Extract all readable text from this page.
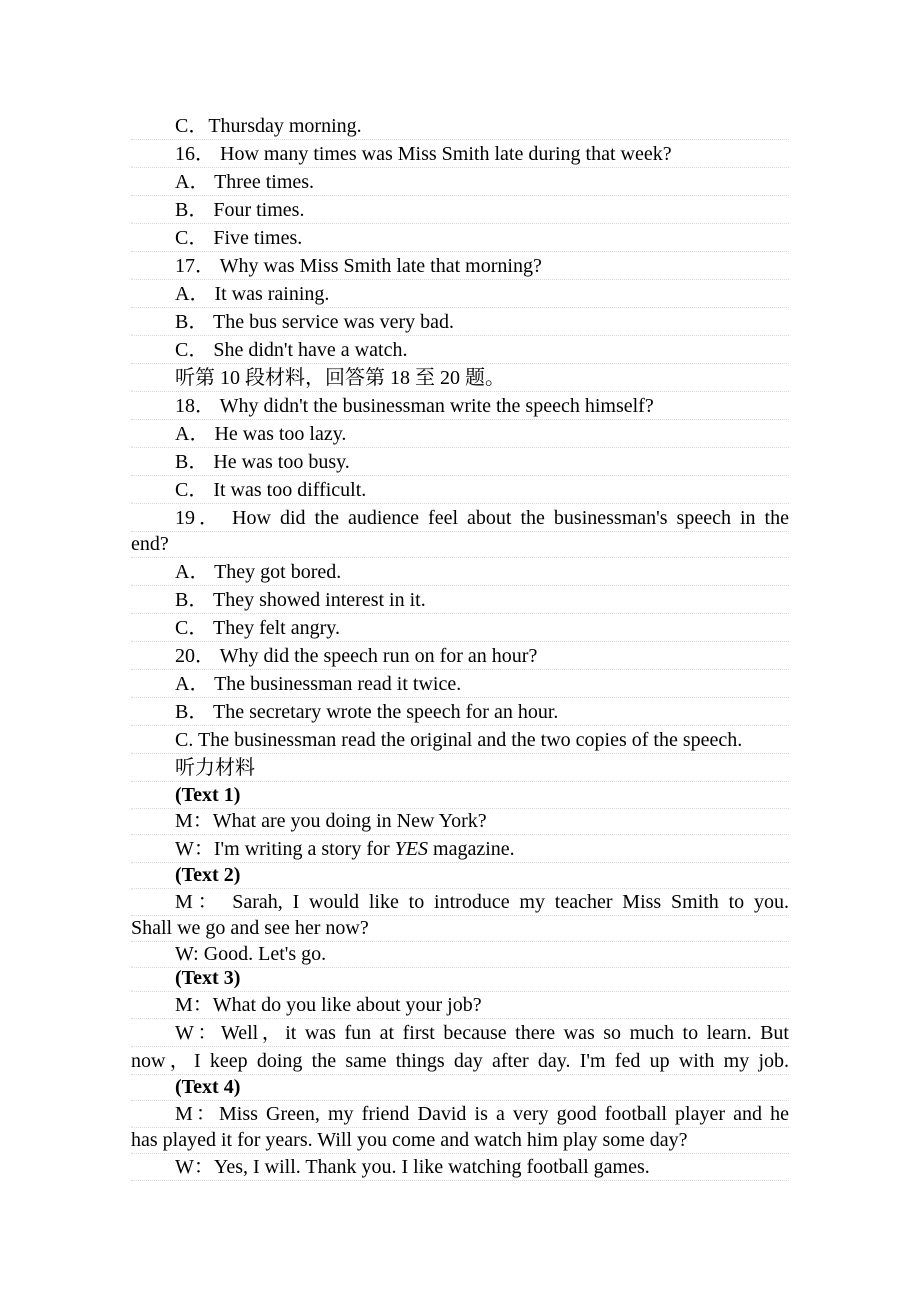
C．Thursday morning.
16． How many times was Miss Smith late during that week?
A． Three times.
B． Four times.
C． Five times.
17． Why was Miss Smith late that morning?
A． It was raining.
B． The bus service was very bad.
C． She didn't have a watch.
听第 10 段材料，回答第 18 至 20 题。
18． Why didn't the businessman write the speech himself?
A． He was too lazy.
B． He was too busy.
C． It was too difficult.
19． How did the audience feel about the businessman's speech in the
end?
A． They got bored.
B． They showed interest in it.
C． They felt angry.
20． Why did the speech run on for an hour?
A． The businessman read it twice.
B． The secretary wrote the speech for an hour.
C. The businessman read the original and the two copies of the speech.
听力材料
(Text 1)
M：What are you doing in New York?
W：I'm writing a story for YES magazine.
(Text 2)
M： Sarah, I would like to introduce my teacher Miss Smith to you.
Shall we go and see her now?
W: Good. Let's go.
(Text 3)
M：What do you like about your job?
W：Well，it was fun at first because there was so much to learn. But
now，I keep doing the same things day after day. I'm fed up with my job.
(Text 4)
M：Miss Green, my friend David is a very good football player and he
has played it for years. Will you come and watch him play some day?
W：Yes, I will. Thank you. I like watching football games.
